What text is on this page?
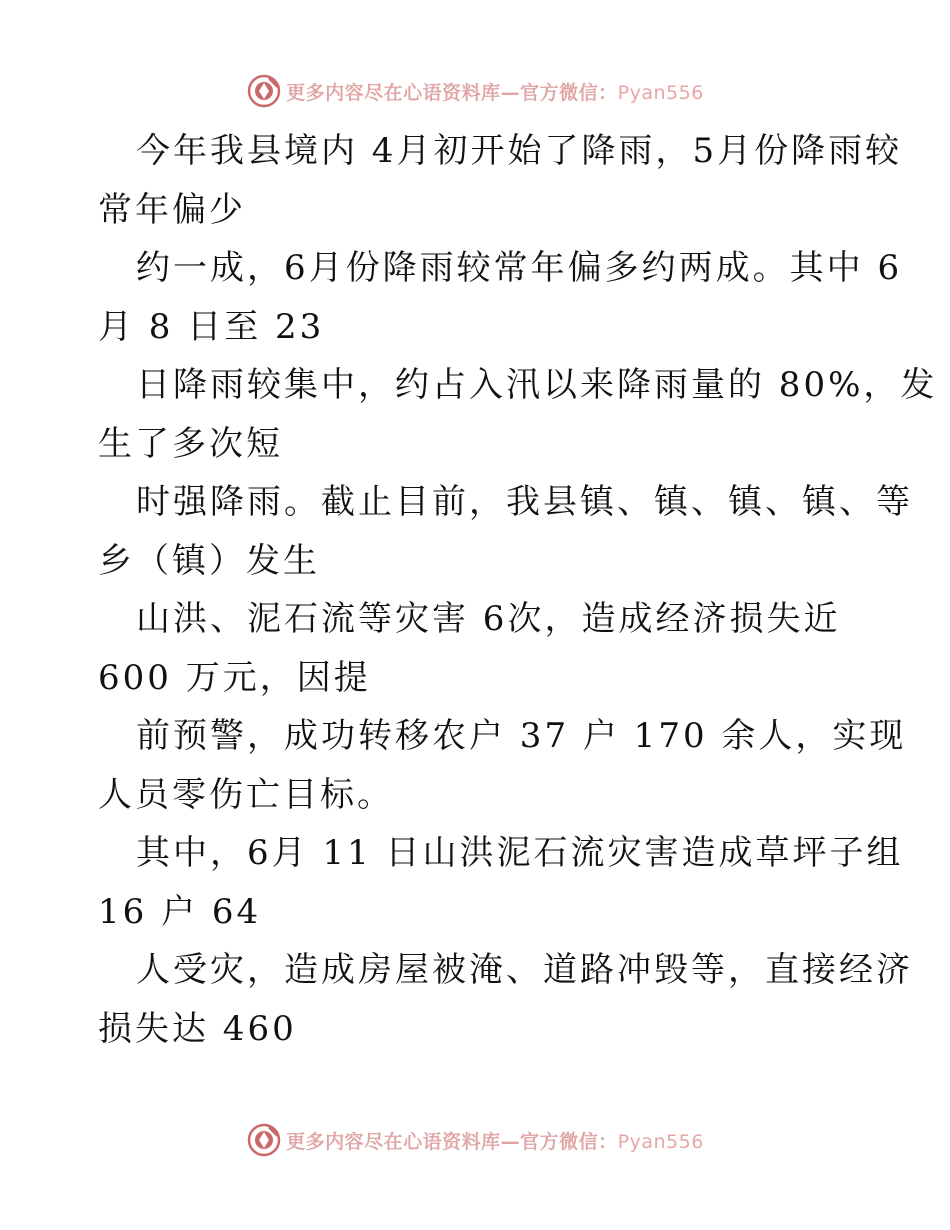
更多内容尽在心语资料库—官方微信：Pyan556
今年我县境内 4月初开始了降雨，5月份降雨较
常年偏少
约一成，6月份降雨较常年偏多约两成。其中 6
月 8 日至 23
日降雨较集中，约占入汛以来降雨量的 80%，发
生了多次短
时强降雨。截止目前，我县镇、镇、镇、镇、等
乡（镇）发生
山洪、泥石流等灾害 6次，造成经济损失近
600 万元，因提
前预警，成功转移农户 37 户 170 余人，实现
人员零伤亡目标。
其中，6月 11 日山洪泥石流灾害造成草坪子组
16 户 64
人受灾，造成房屋被淹、道路冲毁等，直接经济
损失达 460
更多内容尽在心语资料库—官方微信：Pyan556
